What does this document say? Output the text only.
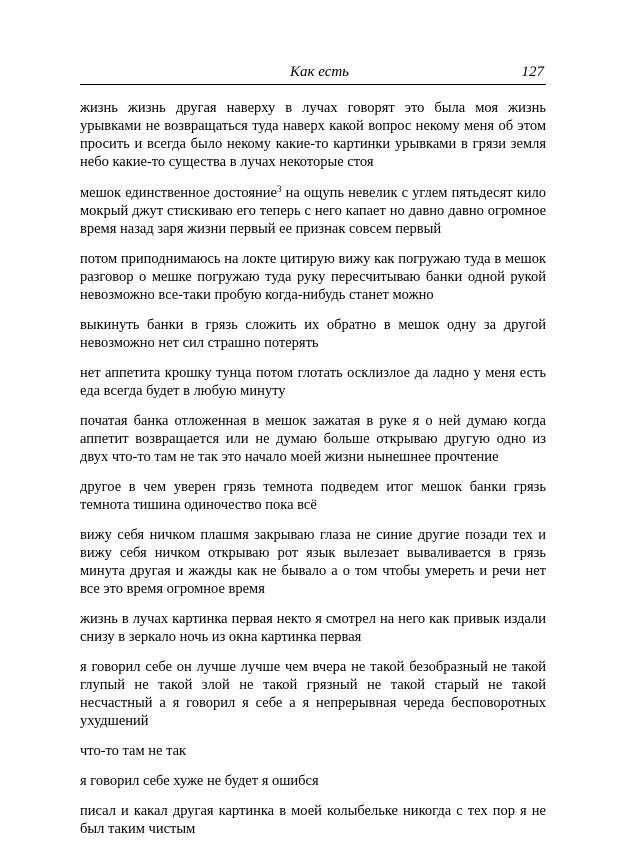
Как есть	127

жизнь жизнь другая наверху в лучах говорят это была моя жизнь урывками не возвращаться туда наверх какой вопрос некому меня об этом просить и всегда было некому какие-то картинки урывками в грязи земля небо какие-то существа в лучах некоторые стоя

мешок единственное достояние$^3$ на ощупь невелик с углем пятьдесят кило мокрый джут стискиваю его теперь с него капает но давно давно огромное время назад заря жизни первый ее признак совсем первый

потом приподнимаюсь на локте цитирую вижу как погружаю туда в мешок разговор о мешке погружаю туда руку пересчитываю банки одной рукой невозможно все-таки пробую когда-нибудь станет можно

выкинуть банки в грязь сложить их обратно в мешок одну за другой невозможно нет сил страшно потерять

нет аппетита крошку тунца потом глотать осклизлое да ладно у меня есть еда всегда будет в любую минуту

початая банка отложенная в мешок зажатая в руке я о ней думаю когда аппетит возвращается или не думаю больше открываю другую одно из двух что-то там не так это начало моей жизни нынешнее прочтение

другое в чем уверен грязь темнота подведем итог мешок банки грязь темнота тишина одиночество пока всё

вижу себя ничком плашмя закрываю глаза не синие другие позади тех и вижу себя ничком открываю рот язык вылезает вываливается в грязь минута другая и жажды как не бывало а о том чтобы умереть и речи нет все это время огромное время

жизнь в лучах картинка первая некто я смотрел на него как привык издали снизу в зеркало ночь из окна картинка первая

я говорил себе он лучше лучше чем вчера не такой безобразный не такой глупый не такой злой не такой грязный не такой старый не такой несчастный а я говорил я себе а я непрерывная череда бесповоротных ухудшений

что-то там не так

я говорил себе хуже не будет я ошибся

писал и какал другая картинка в моей колыбельке никогда с тех пор я не был таким чистым
